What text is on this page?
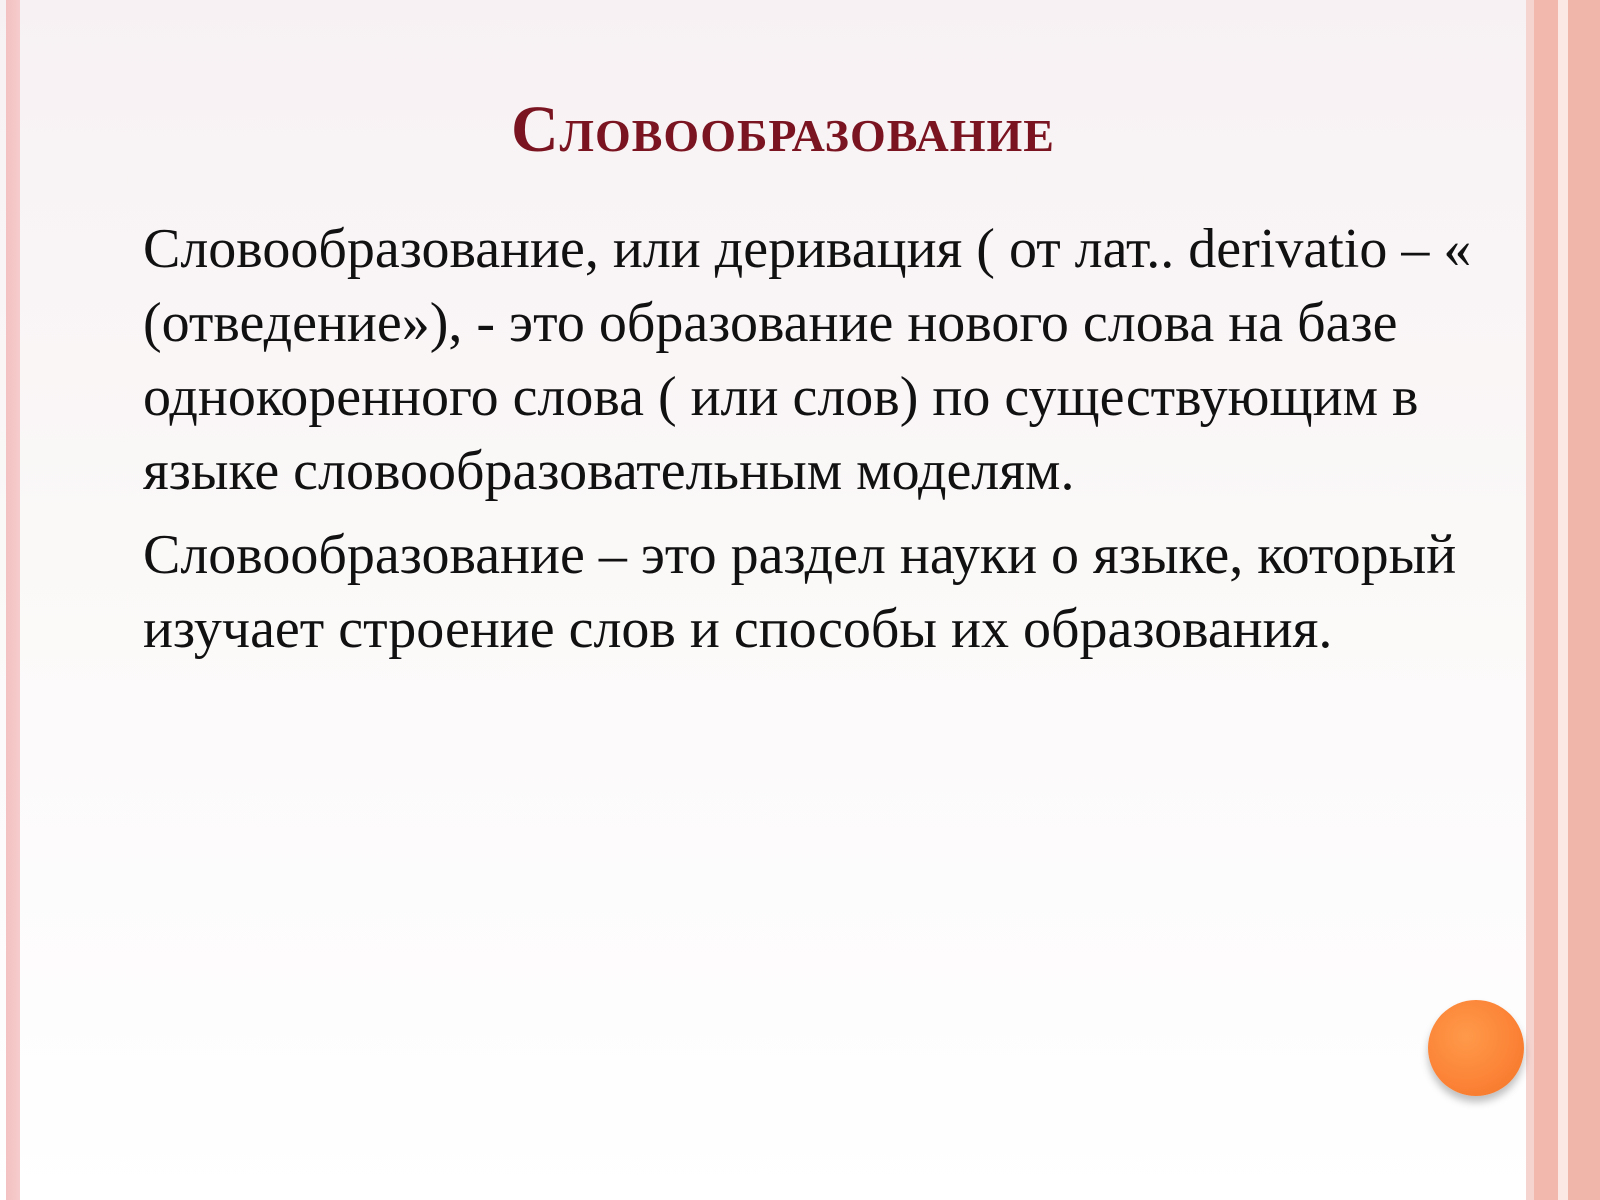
Словообразование

Словообразование, или деривация ( от лат.. derivatio – « (отведение»), - это образование нового слова на базе однокоренного слова ( или слов) по существующим в языке словообразовательным моделям.

Словообразование – это раздел науки о языке, который изучает строение слов и способы их образования.
